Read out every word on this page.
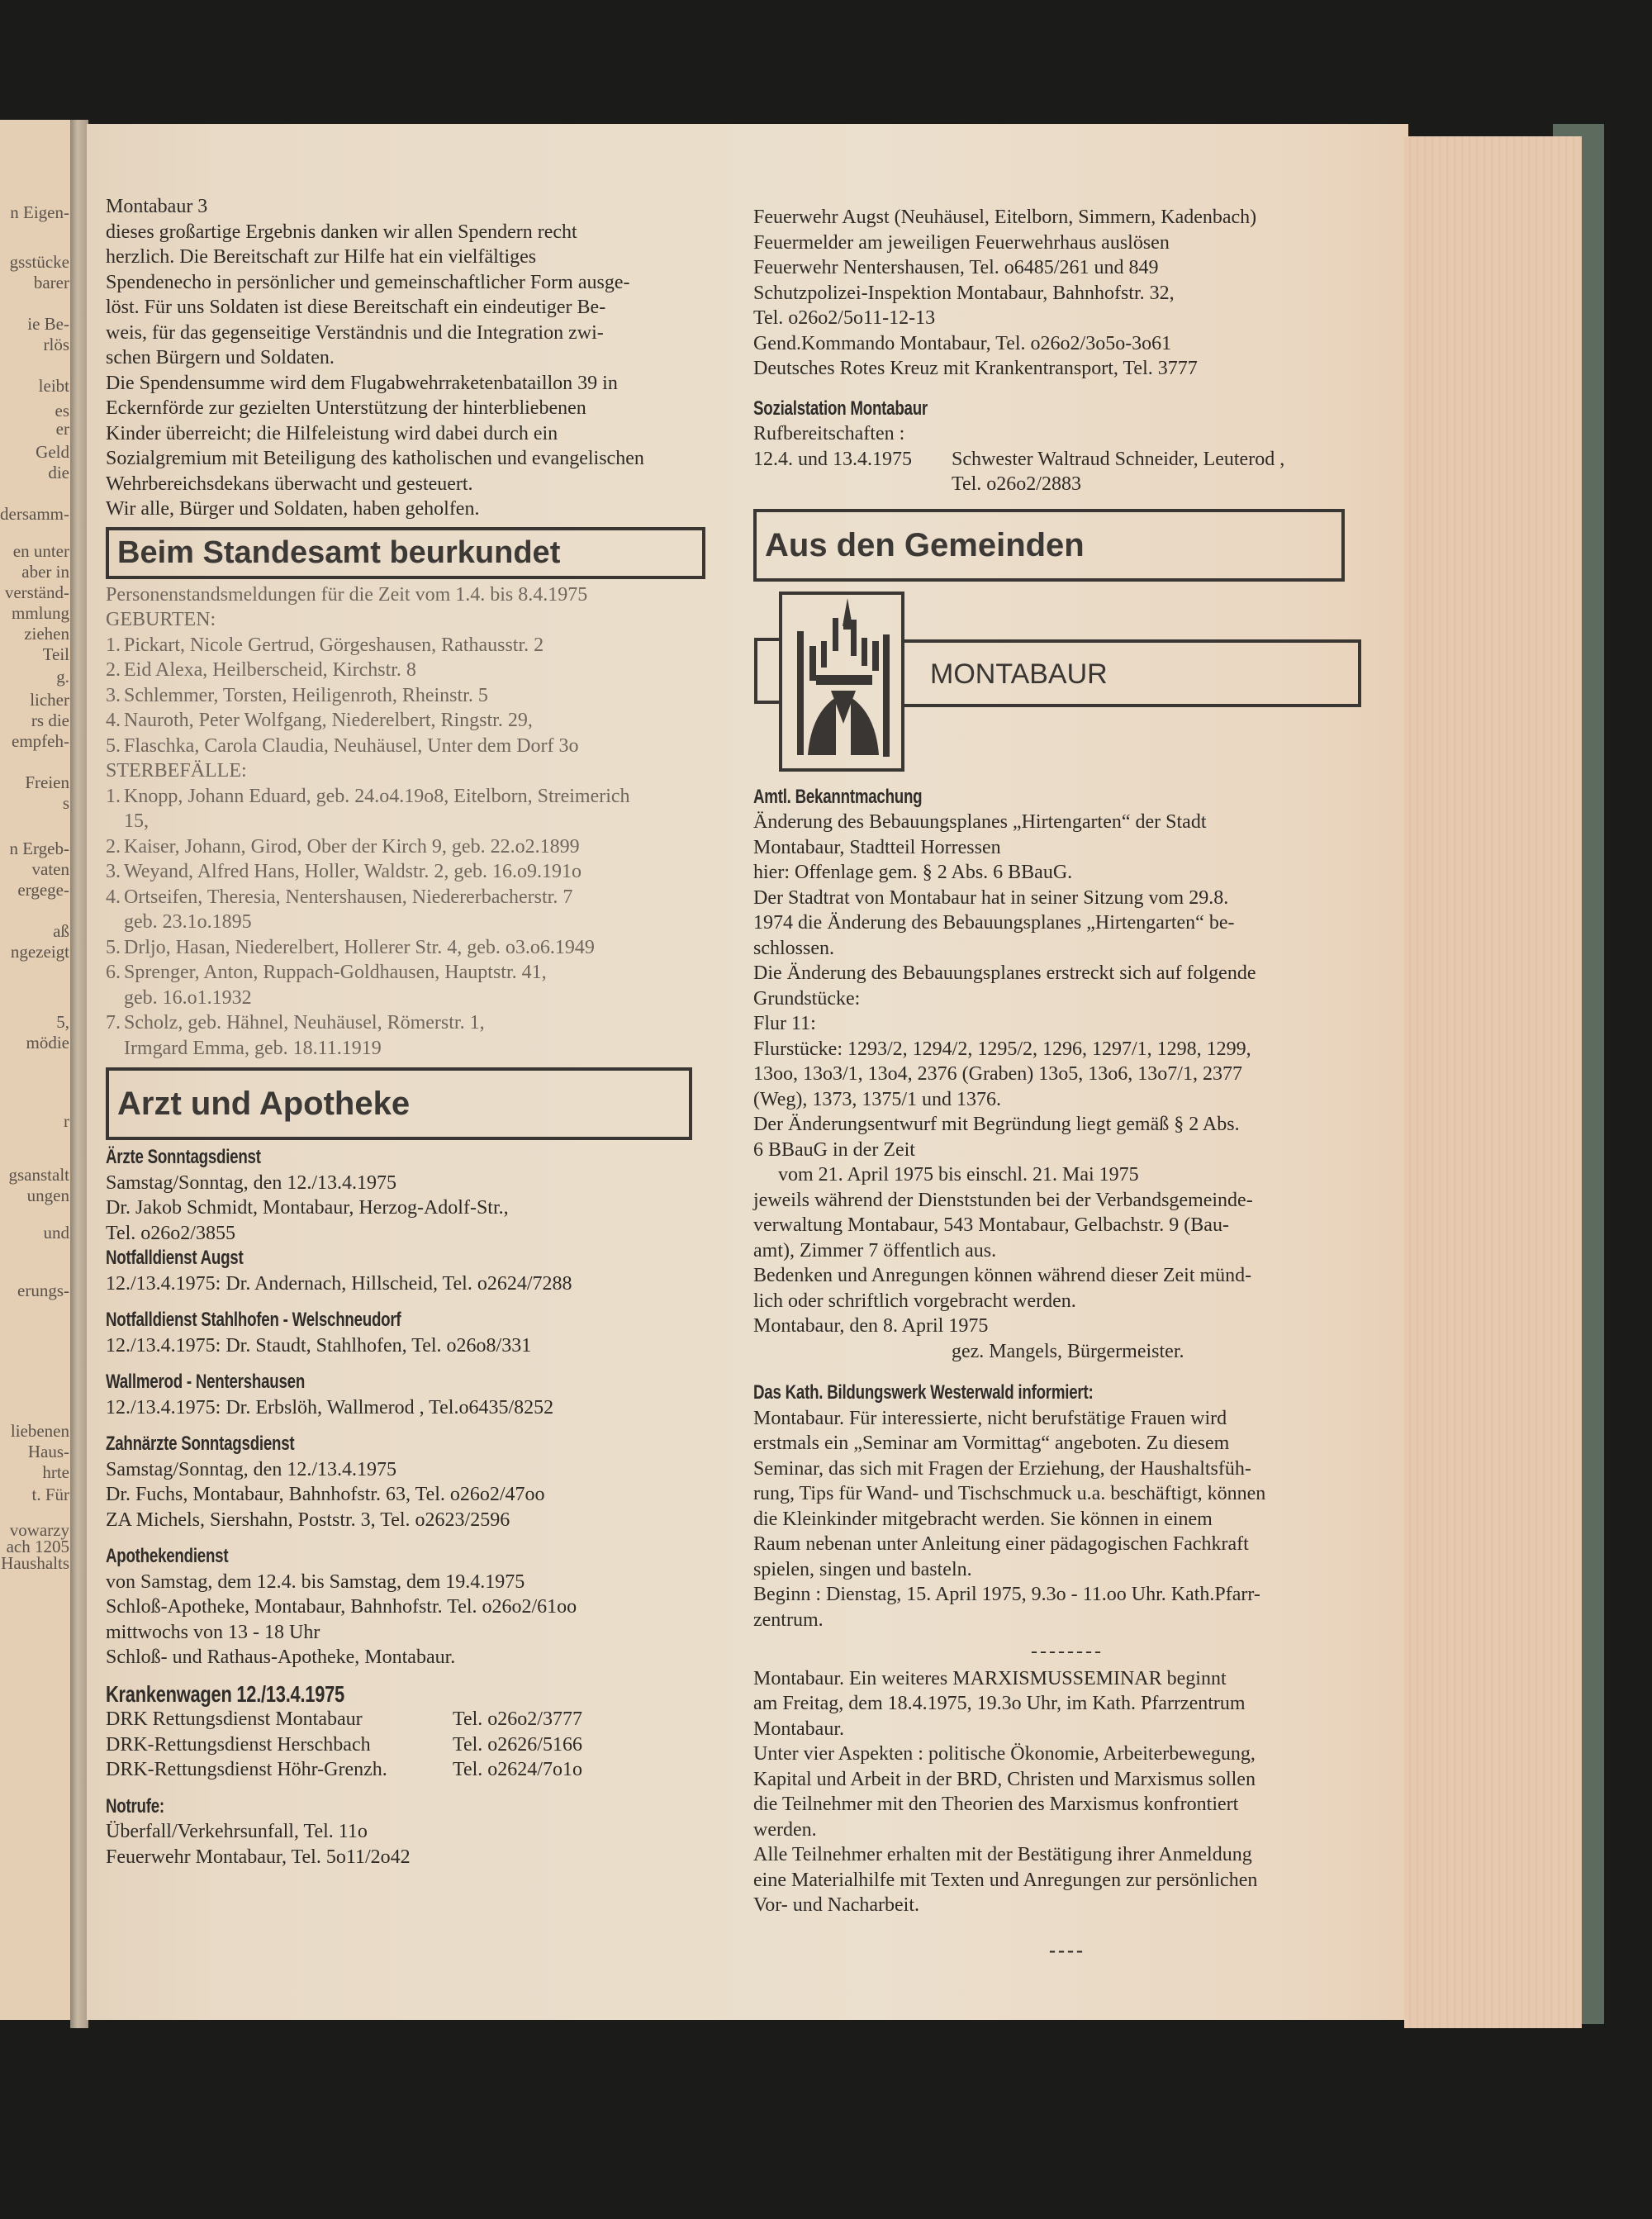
n Eigen-
gsstücke
barer
ie Be-
rlös
leibt
es
er
Geld
die
dersamm-
en unter
aber in
verständ-
mmlung
ziehen
Teil
g.
licher
rs die
empfeh-
Freien
s
n Ergeb-
vaten
ergege-
aß
ngezeigt
5,
mödie
r
gsanstalt
ungen
und
erungs-
liebenen
Haus-
hrte
t. Für
vowarzy
ach 1205
Haushalts
Montabaur 3
dieses großartige Ergebnis danken wir allen Spendern recht
herzlich. Die Bereitschaft zur Hilfe hat ein vielfältiges
Spendenecho in persönlicher und gemeinschaftlicher Form ausge-
löst. Für uns Soldaten ist diese Bereitschaft ein eindeutiger Be-
weis, für das gegenseitige Verständnis und die Integration zwi-
schen Bürgern und Soldaten.
Die Spendensumme wird dem Flugabwehrraketenbataillon 39 in
Eckernförde zur gezielten Unterstützung der hinterbliebenen
Kinder überreicht; die Hilfeleistung wird dabei durch ein
Sozialgremium mit Beteiligung des katholischen und evangelischen
Wehrbereichsdekans überwacht und gesteuert.
Wir alle, Bürger und Soldaten, haben geholfen.
Beim Standesamt beurkundet
Personenstandsmeldungen für die Zeit vom 1.4. bis 8.4.1975
GEBURTEN:
1. Pickart, Nicole Gertrud, Görgeshausen, Rathausstr. 2
2. Eid Alexa, Heilberscheid, Kirchstr. 8
3. Schlemmer, Torsten, Heiligenroth, Rheinstr. 5
4. Nauroth, Peter Wolfgang, Niederelbert, Ringstr. 29,
5. Flaschka, Carola Claudia, Neuhäusel, Unter dem Dorf 3o
STERBEFÄLLE:
1. Knopp, Johann Eduard, geb. 24.o4.19o8, Eitelborn, Streimerich
15,
2. Kaiser, Johann, Girod, Ober der Kirch 9, geb. 22.o2.1899
3. Weyand, Alfred Hans, Holler, Waldstr. 2, geb. 16.o9.191o
4. Ortseifen, Theresia, Nentershausen, Niedererbacherstr. 7
geb. 23.1o.1895
5. Drljo, Hasan, Niederelbert, Hollerer Str. 4, geb. o3.o6.1949
6. Sprenger, Anton, Ruppach-Goldhausen, Hauptstr. 41,
geb. 16.o1.1932
7. Scholz, geb. Hähnel, Neuhäusel, Römerstr. 1,
Irmgard Emma, geb. 18.11.1919
Arzt und Apotheke
Ärzte Sonntagsdienst
Samstag/Sonntag, den 12./13.4.1975
Dr. Jakob Schmidt, Montabaur, Herzog-Adolf-Str.,
Tel. o26o2/3855
Notfalldienst Augst
12./13.4.1975: Dr. Andernach, Hillscheid, Tel. o2624/7288
Notfalldienst Stahlhofen - Welschneudorf
12./13.4.1975: Dr. Staudt, Stahlhofen, Tel. o26o8/331
Wallmerod - Nentershausen
12./13.4.1975: Dr. Erbslöh, Wallmerod , Tel.o6435/8252
Zahnärzte Sonntagsdienst
Samstag/Sonntag, den 12./13.4.1975
Dr. Fuchs, Montabaur, Bahnhofstr. 63, Tel. o26o2/47oo
ZA Michels, Siershahn, Poststr. 3, Tel. o2623/2596
Apothekendienst
von Samstag, dem 12.4. bis Samstag, dem 19.4.1975
Schloß-Apotheke, Montabaur, Bahnhofstr. Tel. o26o2/61oo
mittwochs von 13 - 18 Uhr
Schloß- und Rathaus-Apotheke, Montabaur.
Krankenwagen 12./13.4.1975
DRK Rettungsdienst Montabaur	Tel. o26o2/3777
DRK-Rettungsdienst Herschbach	Tel. o2626/5166
DRK-Rettungsdienst Höhr-Grenzh.	Tel. o2624/7o1o
Notrufe:
Überfall/Verkehrsunfall, Tel. 11o
Feuerwehr Montabaur, Tel. 5o11/2o42
Feuerwehr Augst (Neuhäusel, Eitelborn, Simmern, Kadenbach)
Feuermelder am jeweiligen Feuerwehrhaus auslösen
Feuerwehr Nentershausen, Tel. o6485/261 und 849
Schutzpolizei-Inspektion Montabaur, Bahnhofstr. 32,
Tel. o26o2/5o11-12-13
Gend.Kommando Montabaur, Tel. o26o2/3o5o-3o61
Deutsches Rotes Kreuz mit Krankentransport, Tel. 3777
Sozialstation Montabaur
Rufbereitschaften :
12.4. und 13.4.1975 Schwester Waltraud Schneider, Leuterod ,
Tel. o26o2/2883
Aus den Gemeinden
MONTABAUR
Amtl. Bekanntmachung
Änderung des Bebauungsplanes „Hirtengarten“ der Stadt
Montabaur, Stadtteil Horressen
hier: Offenlage gem. § 2 Abs. 6 BBauG.
Der Stadtrat von Montabaur hat in seiner Sitzung vom 29.8.
1974 die Änderung des Bebauungsplanes „Hirtengarten“ be-
schlossen.
Die Änderung des Bebauungsplanes erstreckt sich auf folgende
Grundstücke:
Flur 11:
Flurstücke: 1293/2, 1294/2, 1295/2, 1296, 1297/1, 1298, 1299,
13oo, 13o3/1, 13o4, 2376 (Graben) 13o5, 13o6, 13o7/1, 2377
(Weg), 1373, 1375/1 und 1376.
Der Änderungsentwurf mit Begründung liegt gemäß § 2 Abs.
6 BBauG in der Zeit
vom 21. April 1975 bis einschl. 21. Mai 1975
jeweils während der Dienststunden bei der Verbandsgemeinde-
verwaltung Montabaur, 543 Montabaur, Gelbachstr. 9 (Bau-
amt), Zimmer 7 öffentlich aus.
Bedenken und Anregungen können während dieser Zeit münd-
lich oder schriftlich vorgebracht werden.
Montabaur, den 8. April 1975
gez. Mangels, Bürgermeister.
Das Kath. Bildungswerk Westerwald informiert:
Montabaur. Für interessierte, nicht berufstätige Frauen wird
erstmals ein „Seminar am Vormittag“ angeboten. Zu diesem
Seminar, das sich mit Fragen der Erziehung, der Haushaltsfüh-
rung, Tips für Wand- und Tischschmuck u.a. beschäftigt, können
die Kleinkinder mitgebracht werden. Sie können in einem
Raum nebenan unter Anleitung einer pädagogischen Fachkraft
spielen, singen und basteln.
Beginn : Dienstag, 15. April 1975, 9.3o - 11.oo Uhr. Kath.Pfarr-
zentrum.
--------
Montabaur. Ein weiteres MARXISMUSSEMINAR beginnt
am Freitag, dem 18.4.1975, 19.3o Uhr, im Kath. Pfarrzentrum
Montabaur.
Unter vier Aspekten : politische Ökonomie, Arbeiterbewegung,
Kapital und Arbeit in der BRD, Christen und Marxismus sollen
die Teilnehmer mit den Theorien des Marxismus konfrontiert
werden.
Alle Teilnehmer erhalten mit der Bestätigung ihrer Anmeldung
eine Materialhilfe mit Texten und Anregungen zur persönlichen
Vor- und Nacharbeit.
----
